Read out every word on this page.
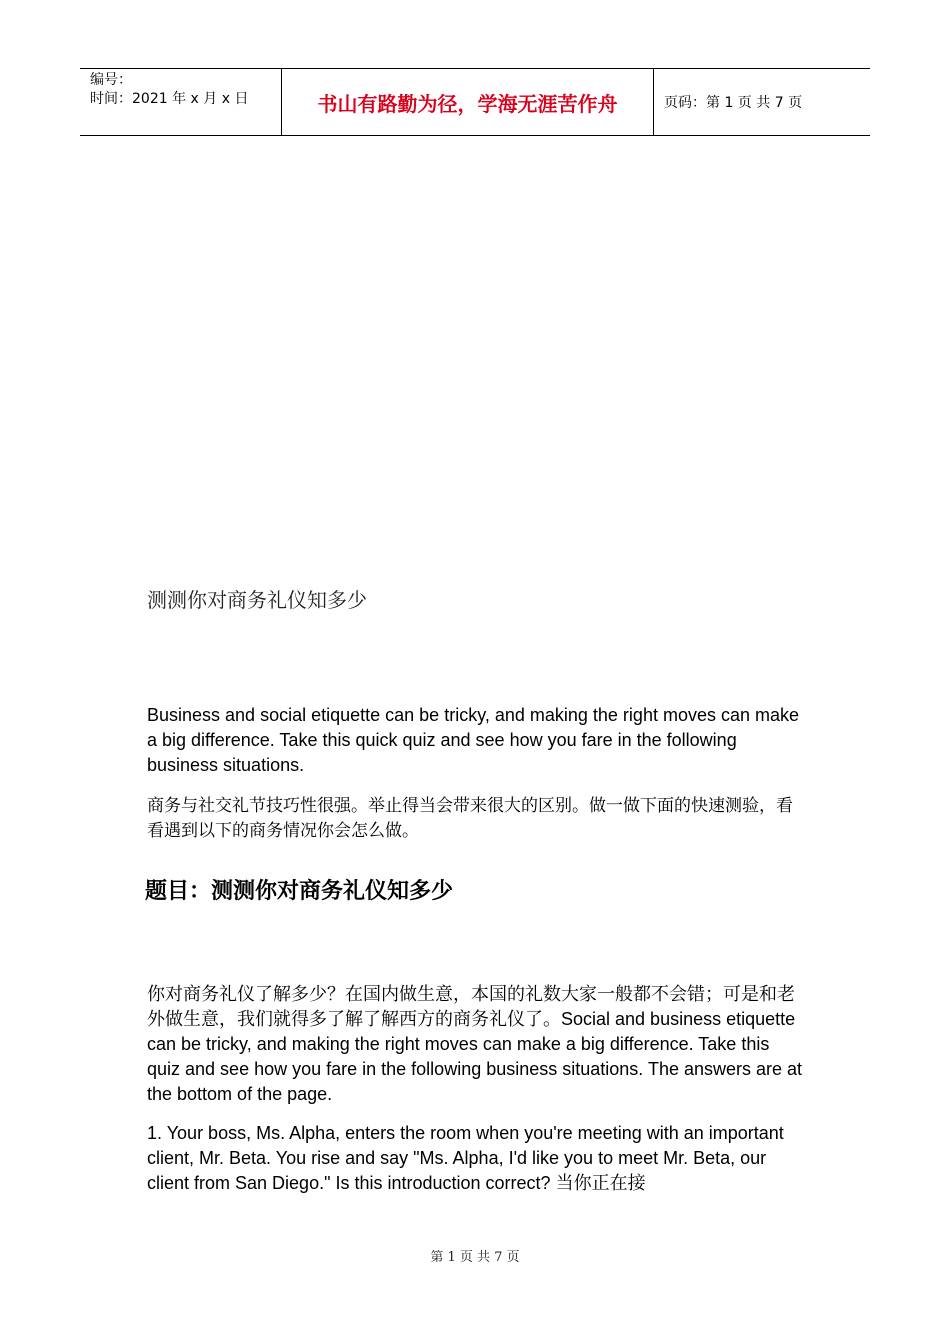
编号：
时间：2021 年 x 月 x 日	书山有路勤为径，学海无涯苦作舟	页码：第 1 页 共 7 页
测测你对商务礼仪知多少
Business and social etiquette can be tricky, and making the right moves can make a big difference. Take this quick quiz and see how you fare in the following business situations.
商务与社交礼节技巧性很强。举止得当会带来很大的区别。做一做下面的快速测验，看看遇到以下的商务情况你会怎么做。
题目：测测你对商务礼仪知多少
你对商务礼仪了解多少？在国内做生意，本国的礼数大家一般都不会错；可是和老外做生意，我们就得多了解了解西方的商务礼仪了。Social and business etiquette can be tricky, and making the right moves can make a big difference. Take this quiz and see how you fare in the following business situations. The answers are at the bottom of the page.
1. Your boss, Ms. Alpha, enters the room when you're meeting with an important client, Mr. Beta. You rise and say "Ms. Alpha, I'd like you to meet Mr. Beta, our client from San Diego." Is this introduction correct? 当你正在接
第 1 页 共 7 页
